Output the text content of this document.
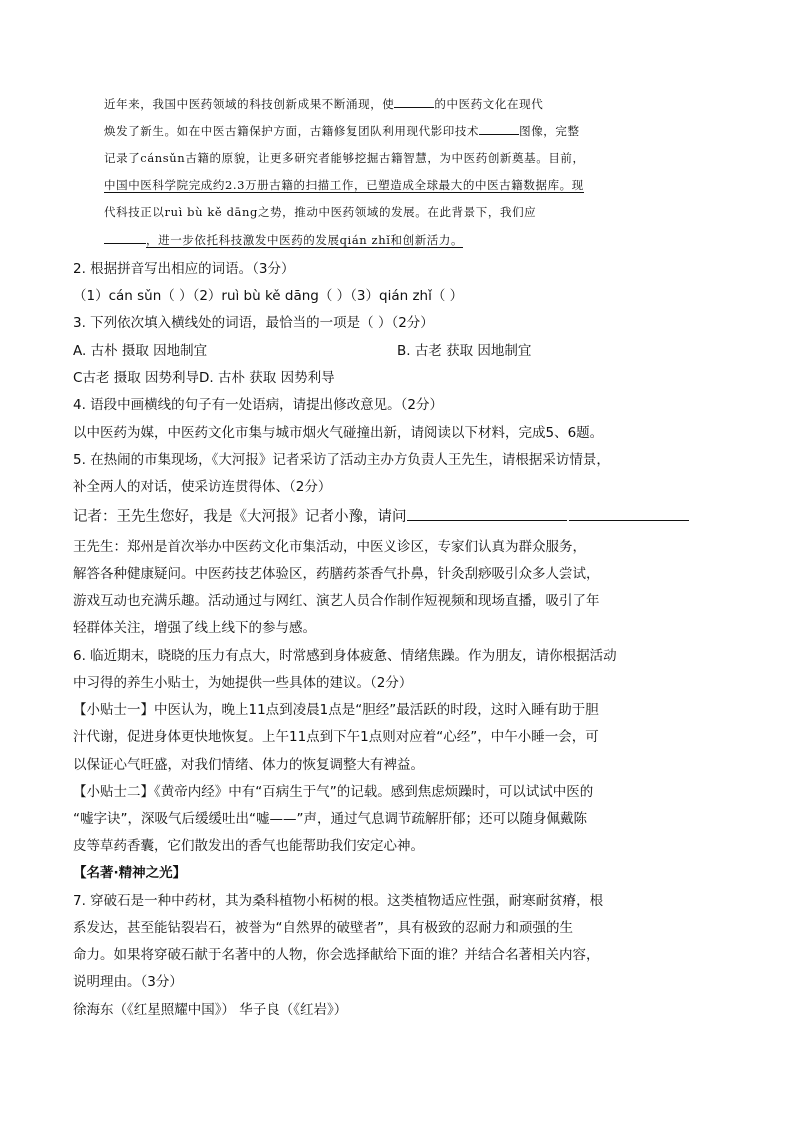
近年来，我国中医药领域的科技创新成果不断涌现，使	的中医药文化在现代
焕发了新生。如在中医古籍保护方面，古籍修复团队利用现代影印技术	图像，完整
记录了cánsǔn古籍的原貌，让更多研究者能够挖掘古籍智慧，为中医药创新奠基。目前，
中国中医科学院完成约2.3万册古籍的扫描工作，已塑造成全球最大的中医古籍数据库。现
代科技正以ruì bù kě dāng之势，推动中医药领域的发展。在此背景下，我们应
，进一步依托科技激发中医药的发展qián zhǐ和创新活力。
2. 根据拼音写出相应的词语。（3分）
（1）cán sǔn（ ）（2）ruì bù kě dāng（ ）（3）qián zhǐ（ ）
3. 下列依次填入横线处的词语，最恰当的一项是（ ）（2分）
A. 古朴 摄取 因地制宜	B. 古老 获取 因地制宜
C古老 摄取 因势利导D. 古朴 获取 因势利导
4. 语段中画横线的句子有一处语病，请提出修改意见。（2分）
以中医药为媒，中医药文化市集与城市烟火气碰撞出新，请阅读以下材料，完成5、6题。
5. 在热闹的市集现场，《大河报》记者采访了活动主办方负责人王先生，请根据采访情景，
补全两人的对话，使采访连贯得体、（2分）
记者：王先生您好，我是《大河报》记者小豫，请问
王先生：郑州是首次举办中医药文化市集活动，中医义诊区，专家们认真为群众服务，
解答各种健康疑问。中医药技艺体验区，药膳药茶香气扑鼻，针灸刮痧吸引众多人尝试，
游戏互动也充满乐趣。活动通过与网红、演艺人员合作制作短视频和现场直播，吸引了年
轻群体关注，增强了线上线下的参与感。
6. 临近期末，晓晓的压力有点大，时常感到身体疲惫、情绪焦躁。作为朋友，请你根据活动
中习得的养生小贴士，为她提供一些具体的建议。（2分）
【小贴士一】中医认为，晚上11点到凌晨1点是“胆经”最活跃的时段，这时入睡有助于胆
汁代谢，促进身体更快地恢复。上午11点到下午1点则对应着“心经”，中午小睡一会，可
以保证心气旺盛，对我们情绪、体力的恢复调整大有裨益。
【小贴士二】《黄帝内经》中有“百病生于气”的记载。感到焦虑烦躁时，可以试试中医的
“嘘字诀”，深吸气后缓缓吐出“嘘——”声，通过气息调节疏解肝郁；还可以随身佩戴陈
皮等草药香囊，它们散发出的香气也能帮助我们安定心神。
【名著·精神之光】
7. 穿破石是一种中药材，其为桑科植物小柘树的根。这类植物适应性强，耐寒耐贫瘠，根
系发达，甚至能钻裂岩石，被誉为“自然界的破壁者”，具有极致的忍耐力和顽强的生
命力。如果将穿破石献于名著中的人物，你会选择献给下面的谁？并结合名著相关内容，
说明理由。（3分）
徐海东（《红星照耀中国》） 华子良（《红岩》）
